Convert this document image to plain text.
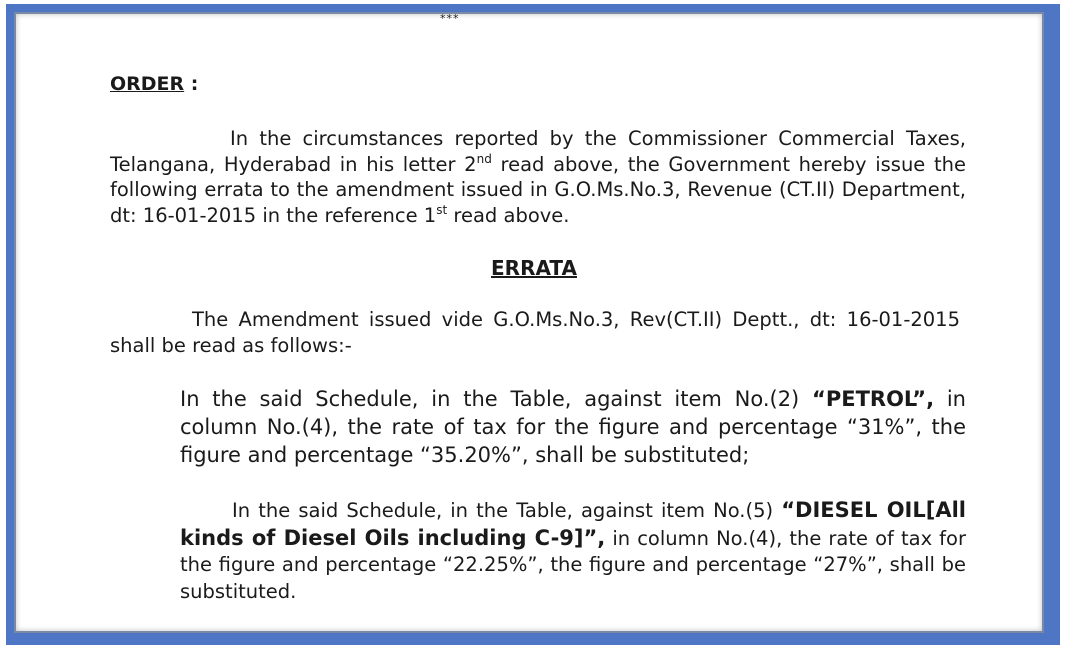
***
ORDER :
In the circumstances reported by the Commissioner Commercial Taxes, Telangana, Hyderabad in his letter 2nd read above, the Government hereby issue the following errata to the amendment issued in G.O.Ms.No.3, Revenue (CT.II) Department, dt: 16-01-2015 in the reference 1st read above.
ERRATA
The Amendment issued vide G.O.Ms.No.3, Rev(CT.II) Deptt., dt: 16-01-2015 shall be read as follows:-
In the said Schedule, in the Table, against item No.(2) “PETROL”, in column No.(4), the rate of tax for the figure and percentage “31%”, the figure and percentage “35.20%”, shall be substituted;
In the said Schedule, in the Table, against item No.(5) “DIESEL OIL[All kinds of Diesel Oils including C-9]”, in column No.(4), the rate of tax for the figure and percentage “22.25%”, the figure and percentage “27%”, shall be substituted.
